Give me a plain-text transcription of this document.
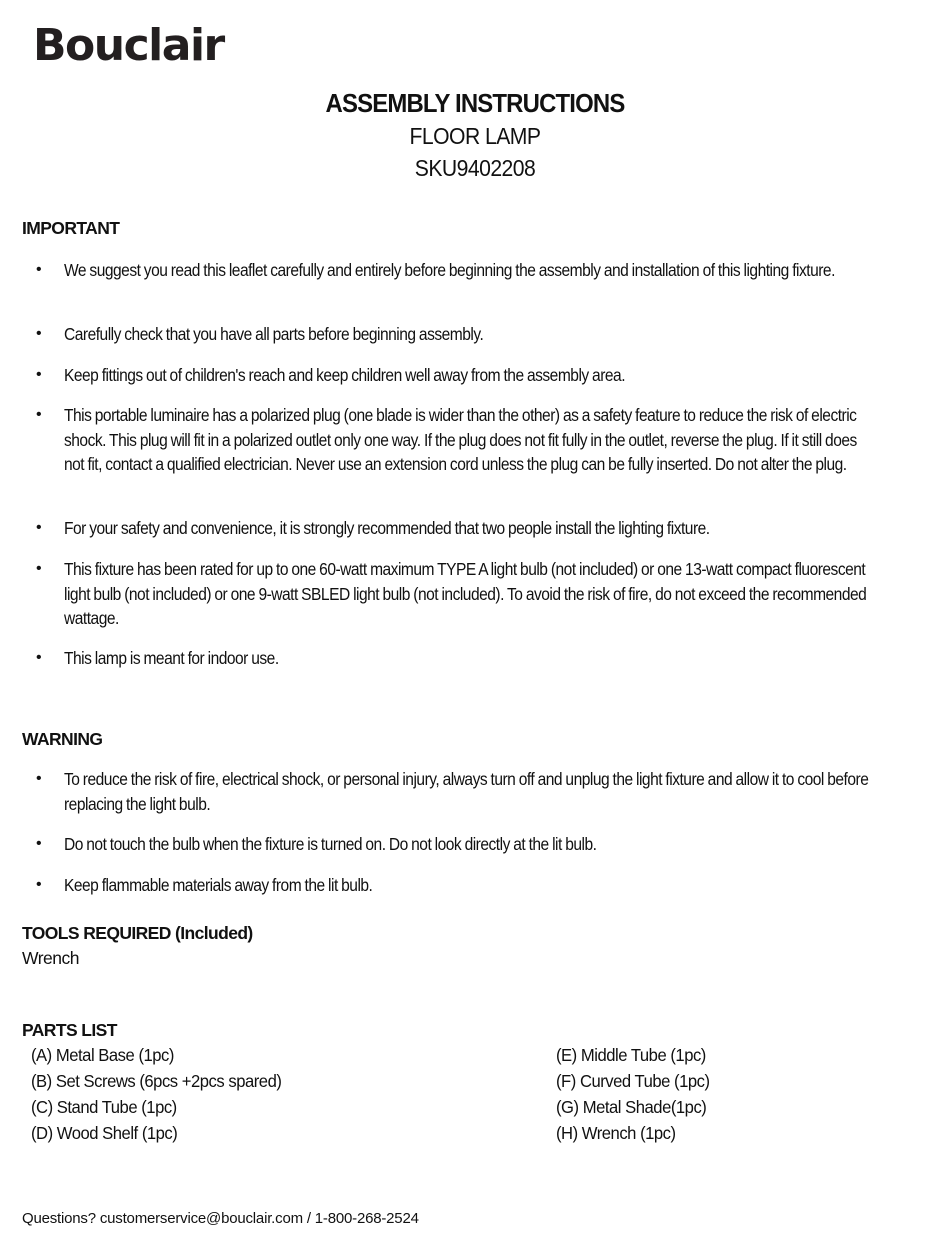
Bouclair
ASSEMBLY INSTRUCTIONS
FLOOR LAMP
SKU9402208
IMPORTANT
• We suggest you read this leaflet carefully and entirely before beginning the assembly and installation of this lighting fixture.
• Carefully check that you have all parts before beginning assembly.
• Keep fittings out of children's reach and keep children well away from the assembly area.
• This portable luminaire has a polarized plug (one blade is wider than the other) as a safety feature to reduce the risk of electric shock. This plug will fit in a polarized outlet only one way. If the plug does not fit fully in the outlet, reverse the plug. If it still does not fit, contact a qualified electrician. Never use an extension cord unless the plug can be fully inserted. Do not alter the plug.
• For your safety and convenience, it is strongly recommended that two people install the lighting fixture.
• This fixture has been rated for up to one 60-watt maximum TYPE A light bulb (not included) or one 13-watt compact fluorescent light bulb (not included) or one 9-watt SBLED light bulb (not included). To avoid the risk of fire, do not exceed the recommended wattage.
• This lamp is meant for indoor use.
WARNING
• To reduce the risk of fire, electrical shock, or personal injury, always turn off and unplug the light fixture and allow it to cool before replacing the light bulb.
• Do not touch the bulb when the fixture is turned on. Do not look directly at the lit bulb.
• Keep flammable materials away from the lit bulb.
TOOLS REQUIRED (Included)
Wrench
PARTS LIST
(A) Metal Base (1pc)
(B) Set Screws (6pcs +2pcs spared)
(C) Stand Tube (1pc)
(D) Wood Shelf (1pc)
(E) Middle Tube (1pc)
(F) Curved Tube (1pc)
(G) Metal Shade(1pc)
(H) Wrench (1pc)
Questions? customerservice@bouclair.com / 1-800-268-2524
